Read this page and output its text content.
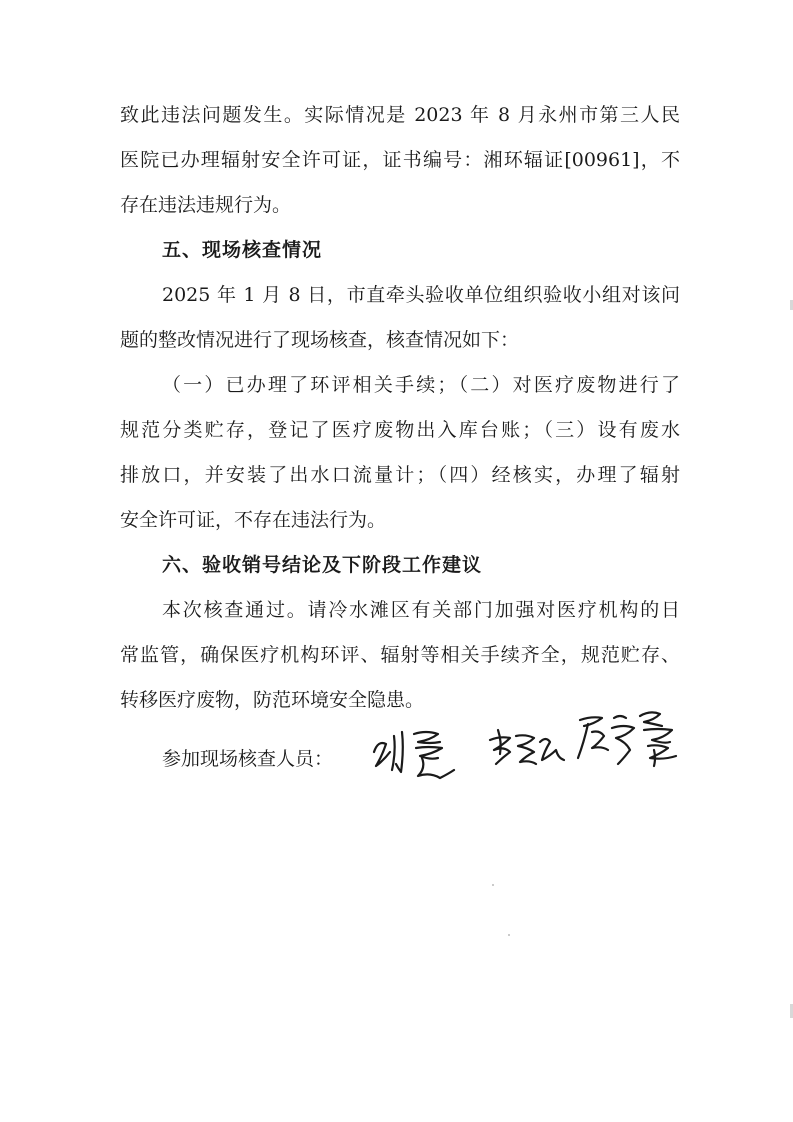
致此违法问题发生。实际情况是 2023 年 8 月永州市第三人民
医院已办理辐射安全许可证，证书编号：湘环辐证[00961]，不
存在违法违规行为。
五、现场核查情况
2025 年 1 月 8 日，市直牵头验收单位组织验收小组对该问
题的整改情况进行了现场核查，核查情况如下：
（一）已办理了环评相关手续；（二）对医疗废物进行了
规范分类贮存，登记了医疗废物出入库台账；（三）设有废水
排放口，并安装了出水口流量计；（四）经核实，办理了辐射
安全许可证，不存在违法行为。
六、验收销号结论及下阶段工作建议
本次核查通过。请冷水滩区有关部门加强对医疗机构的日
常监管，确保医疗机构环评、辐射等相关手续齐全，规范贮存、
转移医疗废物，防范环境安全隐患。
参加现场核查人员：
